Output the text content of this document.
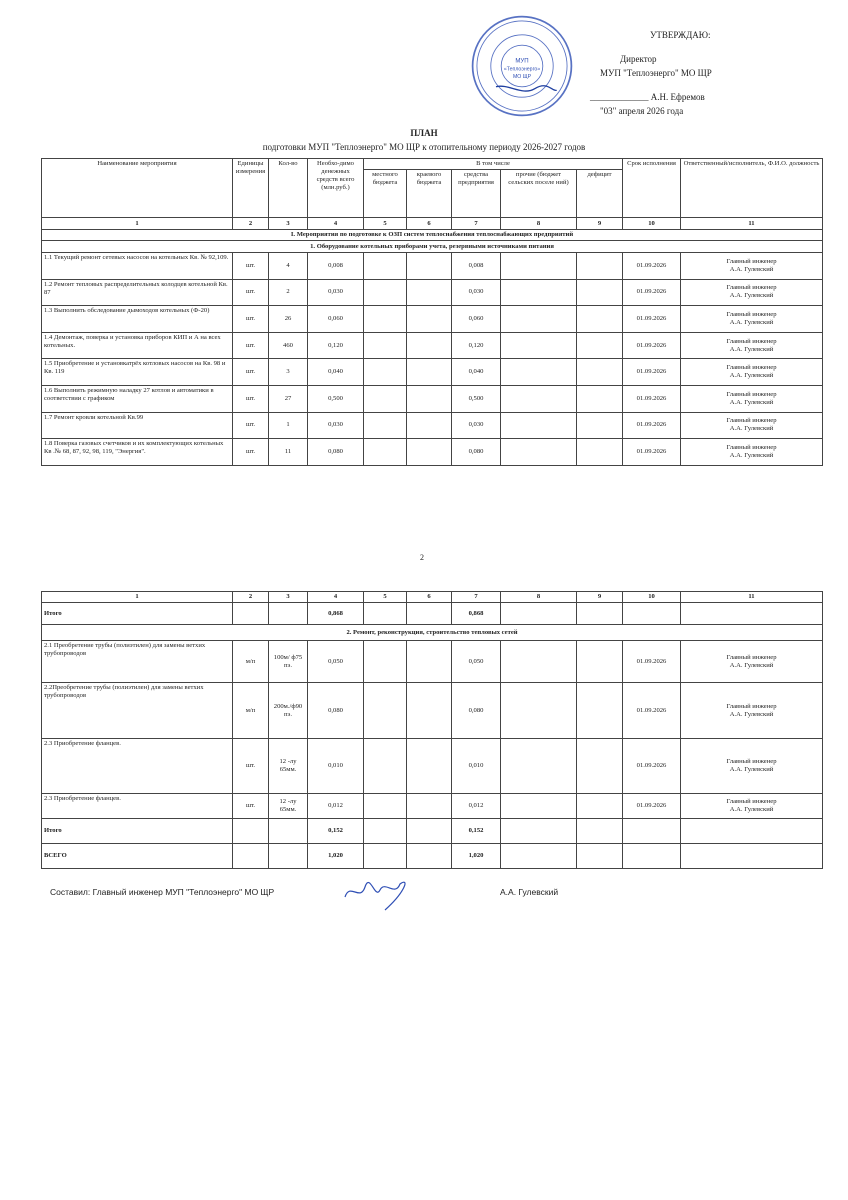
УТВЕРЖДАЮ:
Директор
МУП "Теплоэнерго" МО ЩР
_____________ А.Н. Ефремов
"03" апреля 2026 года
МУП
«Теплоэнерго»
МО ЩР
ПЛАН
подготовки МУП "Теплоэнерго" МО ЩР к отопительному периоду 2026-2027 годов
Наименование мероприятия	Единицы измерения	Кол-во	Необхо-димо денежных средств всего (млн.руб.)	В том числе					Срок исполнения	Ответственный/исполнитель, Ф.И.О. должность
				местного бюджета	краевого бюджета	средства предприятия	прочие (бюджет сельских поселе ний)	дефицит		
1	2	3	4	5	6	7	8	9	10	11
I. Мероприятия по подготовке к ОЗП систем теплоснабжения теплоснабжающих предприятий										
1. Оборудование котельных приборами учета, резервными источниками питания										
1.1 Текущий ремонт сетевых насосов на котельных Кв. № 92,109.	шт.	4	0,008			0,008			01.09.2026	Главный инженер
А.А. Гулевский

1.2 Ремонт тепловых распределительных колодцев котельной Кв. 87	шт.	2	0,030			0,030			01.09.2026	Главный инженер
А.А. Гулевский

1.3 Выполнить обследование дымоходов котельных (Ф-20)	шт.	26	0,060			0,060			01.09.2026	Главный инженер
А.А. Гулевский

1.4 Демонтаж, поверка и установка приборов КИП и А на всех котельных.	шт.	460	0,120			0,120			01.09.2026	Главный инженер
А.А. Гулевский

1.5 Приобретение и установкатрёх котловых насосов на Кв. 98 и Кв. 119	шт.	3	0,040			0,040			01.09.2026	Главный инженер
А.А. Гулевский

1.6 Выполнить режимную наладку 27 котлов и автоматики в соответствии с графиком	шт.	27	0,500			0,500			01.09.2026	Главный инженер
А.А. Гулевский

1.7 Ремонт кровли котельной Кв.99	шт.	1	0,030			0,030			01.09.2026	Главный инженер
А.А. Гулевский

1.8 Поверка газовых счетчиков и их комплектующих котельных Кв .№ 68, 87, 92, 98, 119, "Энергия".	шт.	11	0,080			0,080			01.09.2026	Главный инженер
А.А. Гулевский
2
1	2	3	4	5	6	7	8	9	10	11
Итого			0,868			0,868				
2. Ремонт, реконструкция, строительство тепловых сетей										
2.1 Преобретение трубы (полиэтилен) для замены ветхих трубопроводов	м/п	100м/ ф75 пэ.	0,050			0,050			01.09.2026	Главный инженер
А.А. Гулевский

2.2Преобретение трубы (полиэтилен) для замены ветхих трубопроводов	м/п	200м./ф90 пэ.	0,080			0,080			01.09.2026	Главный инженер
А.А. Гулевский

2.3 Приобретение фланцев.	шт.	12 -лу 65мм.	0,010			0,010			01.09.2026	Главный инженер
А.А. Гулевский

2.3 Приобретение фланцев.	шт.	12 -лу 65мм.	0,012			0,012			01.09.2026	Главный инженер
А.А. Гулевский

Итого			0,152			0,152				
ВСЕГО			1,020			1,020				
Составил: Главный инженер МУП "Теплоэнерго" МО ЩР	А.А. Гулевский
